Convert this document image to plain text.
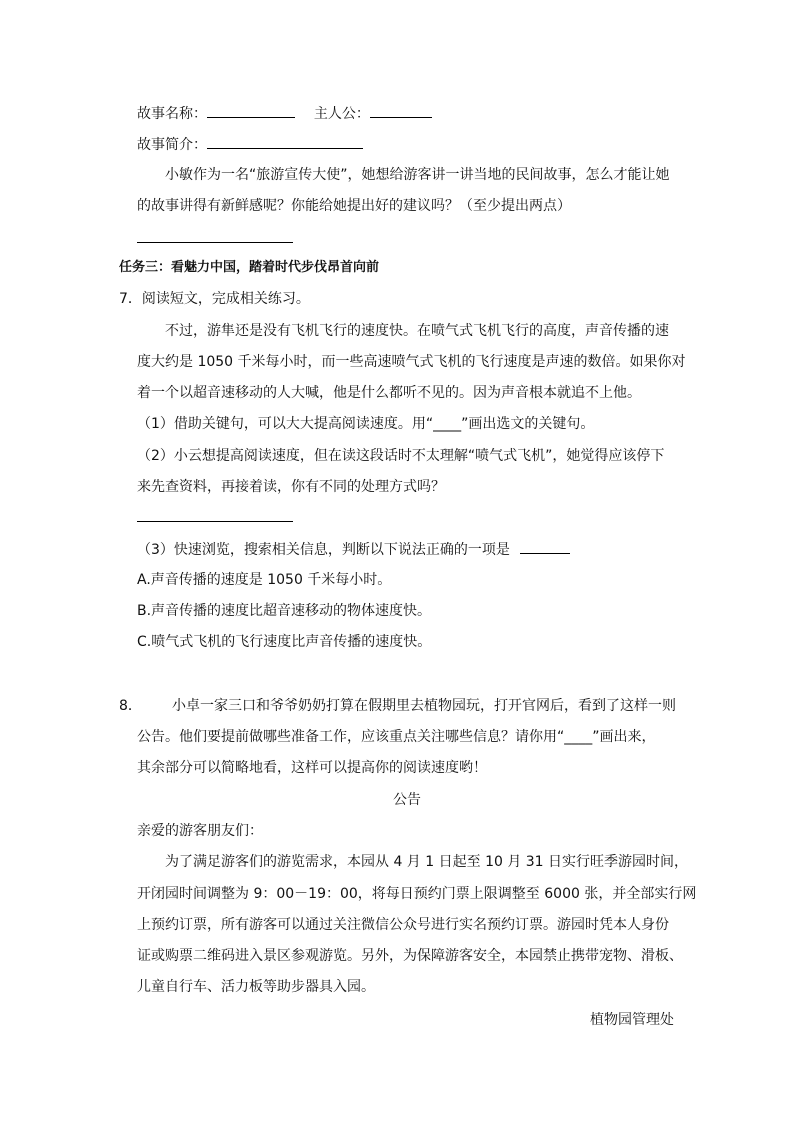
故事名称：	主人公：
故事简介：
小敏作为一名“旅游宣传大使”，她想给游客讲一讲当地的民间故事，怎么才能让她
的故事讲得有新鲜感呢？你能给她提出好的建议吗？（至少提出两点）
任务三：看魅力中国，踏着时代步伐昂首向前
7．阅读短文，完成相关练习。
不过，游隼还是没有飞机飞行的速度快。在喷气式飞机飞行的高度，声音传播的速
度大约是 1050 千米每小时，而一些高速喷气式飞机的飞行速度是声速的数倍。如果你对
着一个以超音速移动的人大喊，他是什么都听不见的。因为声音根本就追不上他。
（1）借助关键句，可以大大提高阅读速度。用“____”画出选文的关键句。
（2）小云想提高阅读速度，但在读这段话时不太理解“喷气式飞机”，她觉得应该停下
来先查资料，再接着读，你有不同的处理方式吗？
（3）快速浏览，搜索相关信息，判断以下说法正确的一项是
A.声音传播的速度是 1050 千米每小时。
B.声音传播的速度比超音速移动的物体速度快。
C.喷气式飞机的飞行速度比声音传播的速度快。
8． 小卓一家三口和爷爷奶奶打算在假期里去植物园玩，打开官网后，看到了这样一则
公告。他们要提前做哪些准备工作，应该重点关注哪些信息？请你用“____”画出来，
其余部分可以简略地看，这样可以提高你的阅读速度哟！
公告
亲爱的游客朋友们：
为了满足游客们的游览需求，本园从 4 月 1 日起至 10 月 31 日实行旺季游园时间，
开闭园时间调整为 9：00－19：00，将每日预约门票上限调整至 6000 张，并全部实行网
上预约订票，所有游客可以通过关注微信公众号进行实名预约订票。游园时凭本人身份
证或购票二维码进入景区参观游览。另外，为保障游客安全，本园禁止携带宠物、滑板、
儿童自行车、活力板等助步器具入园。
植物园管理处
